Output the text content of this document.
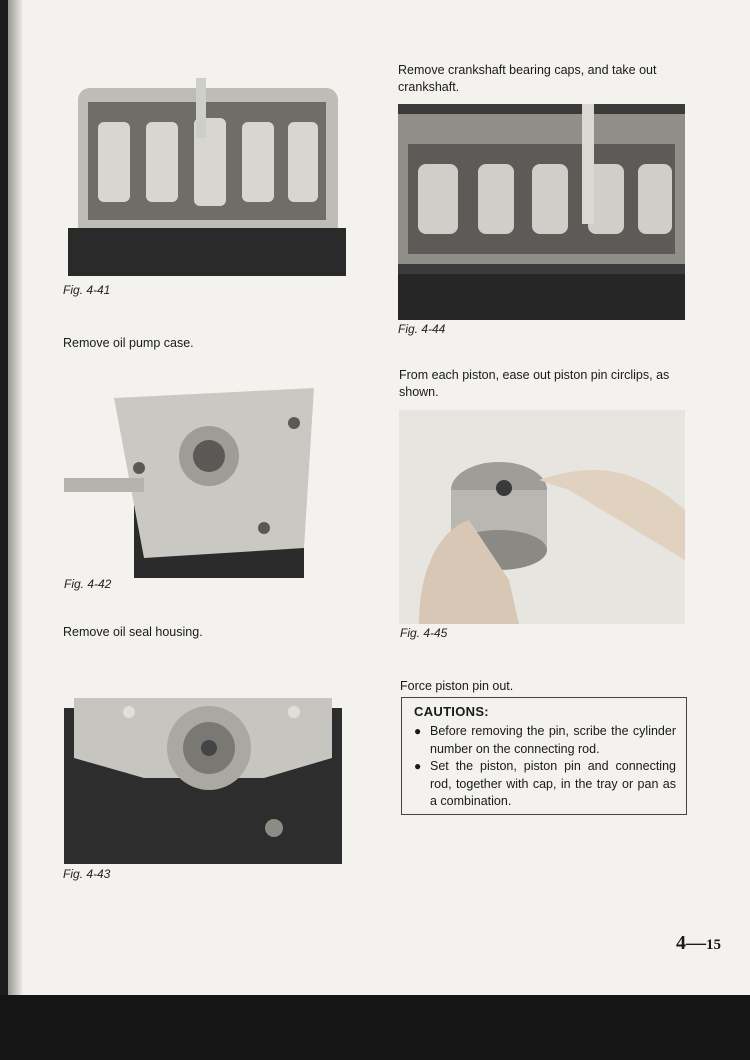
Fig. 4-41
Remove oil pump case.
Fig. 4-42
Remove oil seal housing.
Fig. 4-43
Remove crankshaft bearing caps, and take out
crankshaft.
Fig. 4-44
From each piston, ease out piston pin circlips, as
shown.
Fig. 4-45
Force piston pin out.
CAUTIONS:
● Before removing the pin, scribe the cylinder number on the connecting rod.
● Set the piston, piston pin and connecting rod, together with cap, in the tray or pan as a combination.
4—15
